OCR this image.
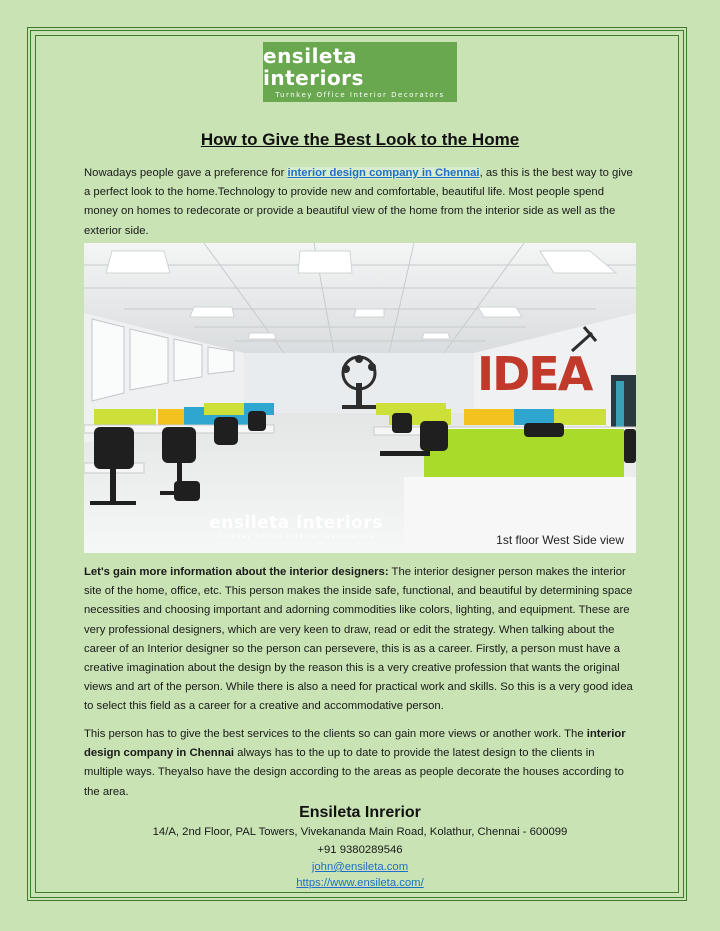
ensileta interiors
Turnkey Office Interior Decorators
How to Give the Best Look to the Home
Nowadays people gave a preference for interior design company in Chennai, as this is the best way to give a perfect look to the home.Technology to provide new and comfortable, beautiful life. Most people spend money on homes to redecorate or provide a beautiful view of the home from the interior side as well as the exterior side.
IDEA
ensileta interiors
Turnkey Office Interior Decorators	1st floor West Side view
Let's gain more information about the interior designers: The interior designer person makes the interior site of the home, office, etc. This person makes the inside safe, functional, and beautiful by determining space necessities and choosing important and adorning commodities like colors, lighting, and equipment. These are very professional designers, which are very keen to draw, read or edit the strategy. When talking about the career of an Interior designer so the person can persevere, this is as a career. Firstly, a person must have a creative imagination about the design by the reason this is a very creative profession that wants the original views and art of the person. While there is also a need for practical work and skills. So this is a very good idea to select this field as a career for a creative and accommodative person.
This person has to give the best services to the clients so can gain more views or another work. The interior design company in Chennai always has to the up to date to provide the latest design to the clients in multiple ways. Theyalso have the design according to the areas as people decorate the houses according to the area.
Ensileta Inrerior
14/A, 2nd Floor, PAL Towers, Vivekananda Main Road, Kolathur, Chennai - 600099
+91 9380289546
john@ensileta.com
https://www.ensileta.com/
